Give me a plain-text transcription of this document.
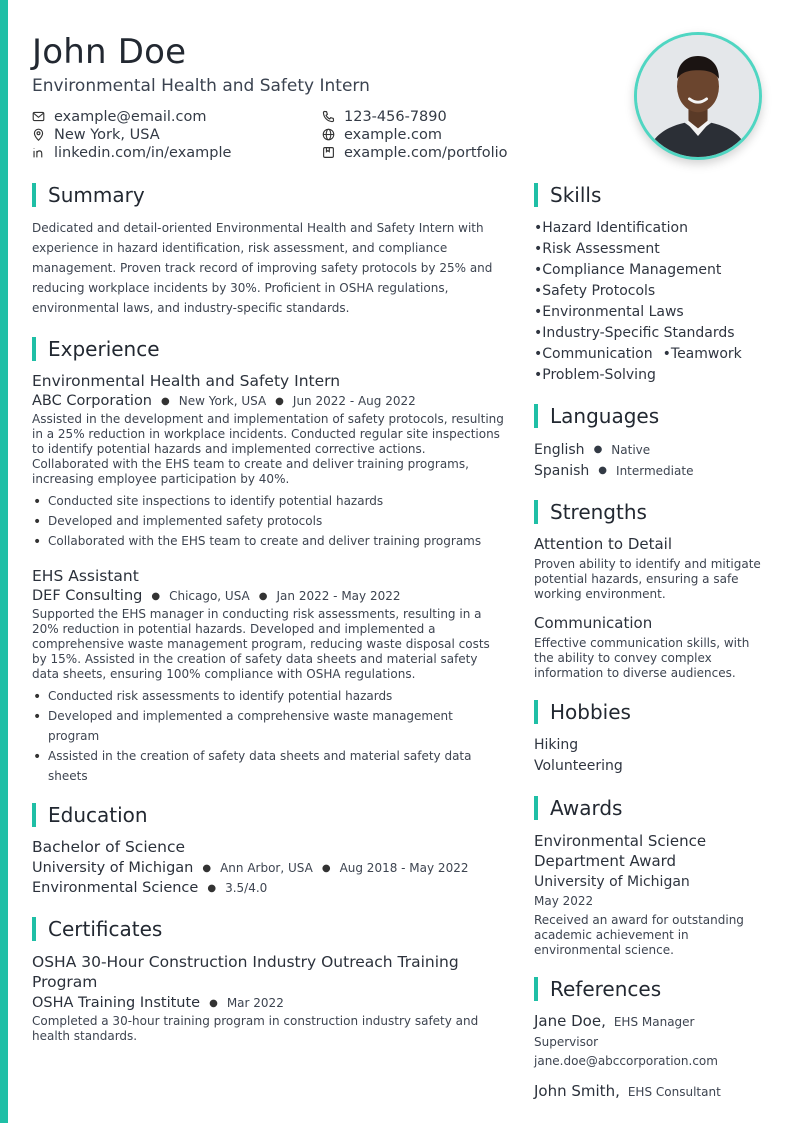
John Doe
Environmental Health and Safety Intern
example@email.com	123-456-7890
New York, USA	example.com
linkedin.com/in/example	example.com/portfolio
Summary

Dedicated and detail-oriented Environmental Health and Safety Intern with experience in hazard identification, risk assessment, and compliance management. Proven track record of improving safety protocols by 25% and reducing workplace incidents by 30%. Proficient in OSHA regulations, environmental laws, and industry-specific standards.

Experience
Environmental Health and Safety Intern
ABC Corporation ● New York, USA ● Jun 2022 - Aug 2022

Assisted in the development and implementation of safety protocols, resulting in a 25% reduction in workplace incidents. Conducted regular site inspections to identify potential hazards and implemented corrective actions. Collaborated with the EHS team to create and deliver training programs, increasing employee participation by 40%.

• Conducted site inspections to identify potential hazards
• Developed and implemented safety protocols
• Collaborated with the EHS team to create and deliver training programs
EHS Assistant
DEF Consulting ● Chicago, USA ● Jan 2022 - May 2022

Supported the EHS manager in conducting risk assessments, resulting in a 20% reduction in potential hazards. Developed and implemented a comprehensive waste management program, reducing waste disposal costs by 15%. Assisted in the creation of safety data sheets and material safety data sheets, ensuring 100% compliance with OSHA regulations.

• Conducted risk assessments to identify potential hazards
• Developed and implemented a comprehensive waste management program
• Assisted in the creation of safety data sheets and material safety data sheets
Education
Bachelor of Science
University of Michigan ● Ann Arbor, USA ● Aug 2018 - May 2022
Environmental Science ● 3.5/4.0
Certificates
OSHA 30-Hour Construction Industry Outreach Training Program
OSHA Training Institute ● Mar 2022

Completed a 30-hour training program in construction industry safety and health standards.

Skills
• Hazard Identification
• Risk Assessment
• Compliance Management
• Safety Protocols
• Environmental Laws
• Industry-Specific Standards
• Communication
•	Teamwork
• Problem-Solving
Languages
English ● Native
Spanish ● Intermediate
Strengths
Attention to Detail

Proven ability to identify and mitigate potential hazards, ensuring a safe working environment.

Communication

Effective communication skills, with the ability to convey complex information to diverse audiences.

Hobbies
Hiking
Volunteering
Awards
Environmental Science Department Award
University of Michigan
May 2022

Received an award for outstanding academic achievement in environmental science.

References
Jane Doe, EHS Manager
Supervisor
jane.doe@abccorporation.com
John Smith, EHS Consultant
